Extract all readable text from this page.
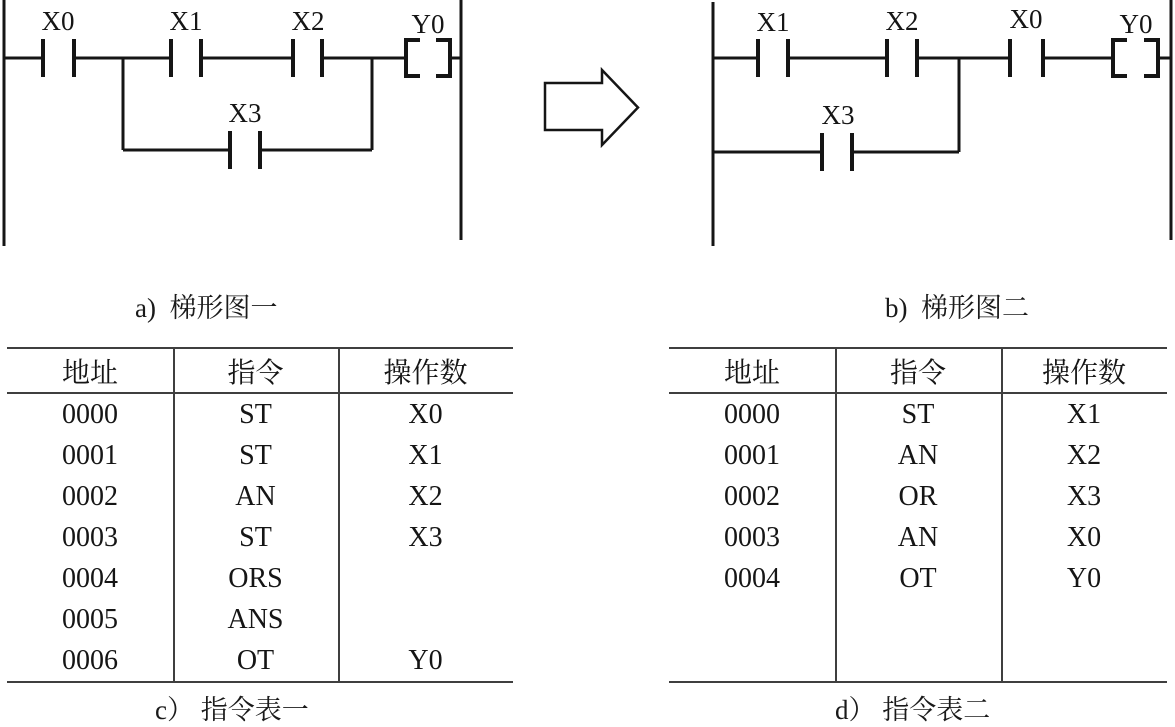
X0	X1	X2	Y0
X3
X1	X2	X0	Y0
X3
a)  梯形图一	b)  梯形图二
地址	指令	操作数
0000	ST	X0
0001	ST	X1
0002	AN	X2
0003	ST	X3
0004	ORS
0005	ANS
0006	OT	Y0
地址	指令	操作数
0000	ST	X1
0001	AN	X2
0002	OR	X3
0003	AN	X0
0004	OT	Y0
c） 指令表一	d） 指令表二
